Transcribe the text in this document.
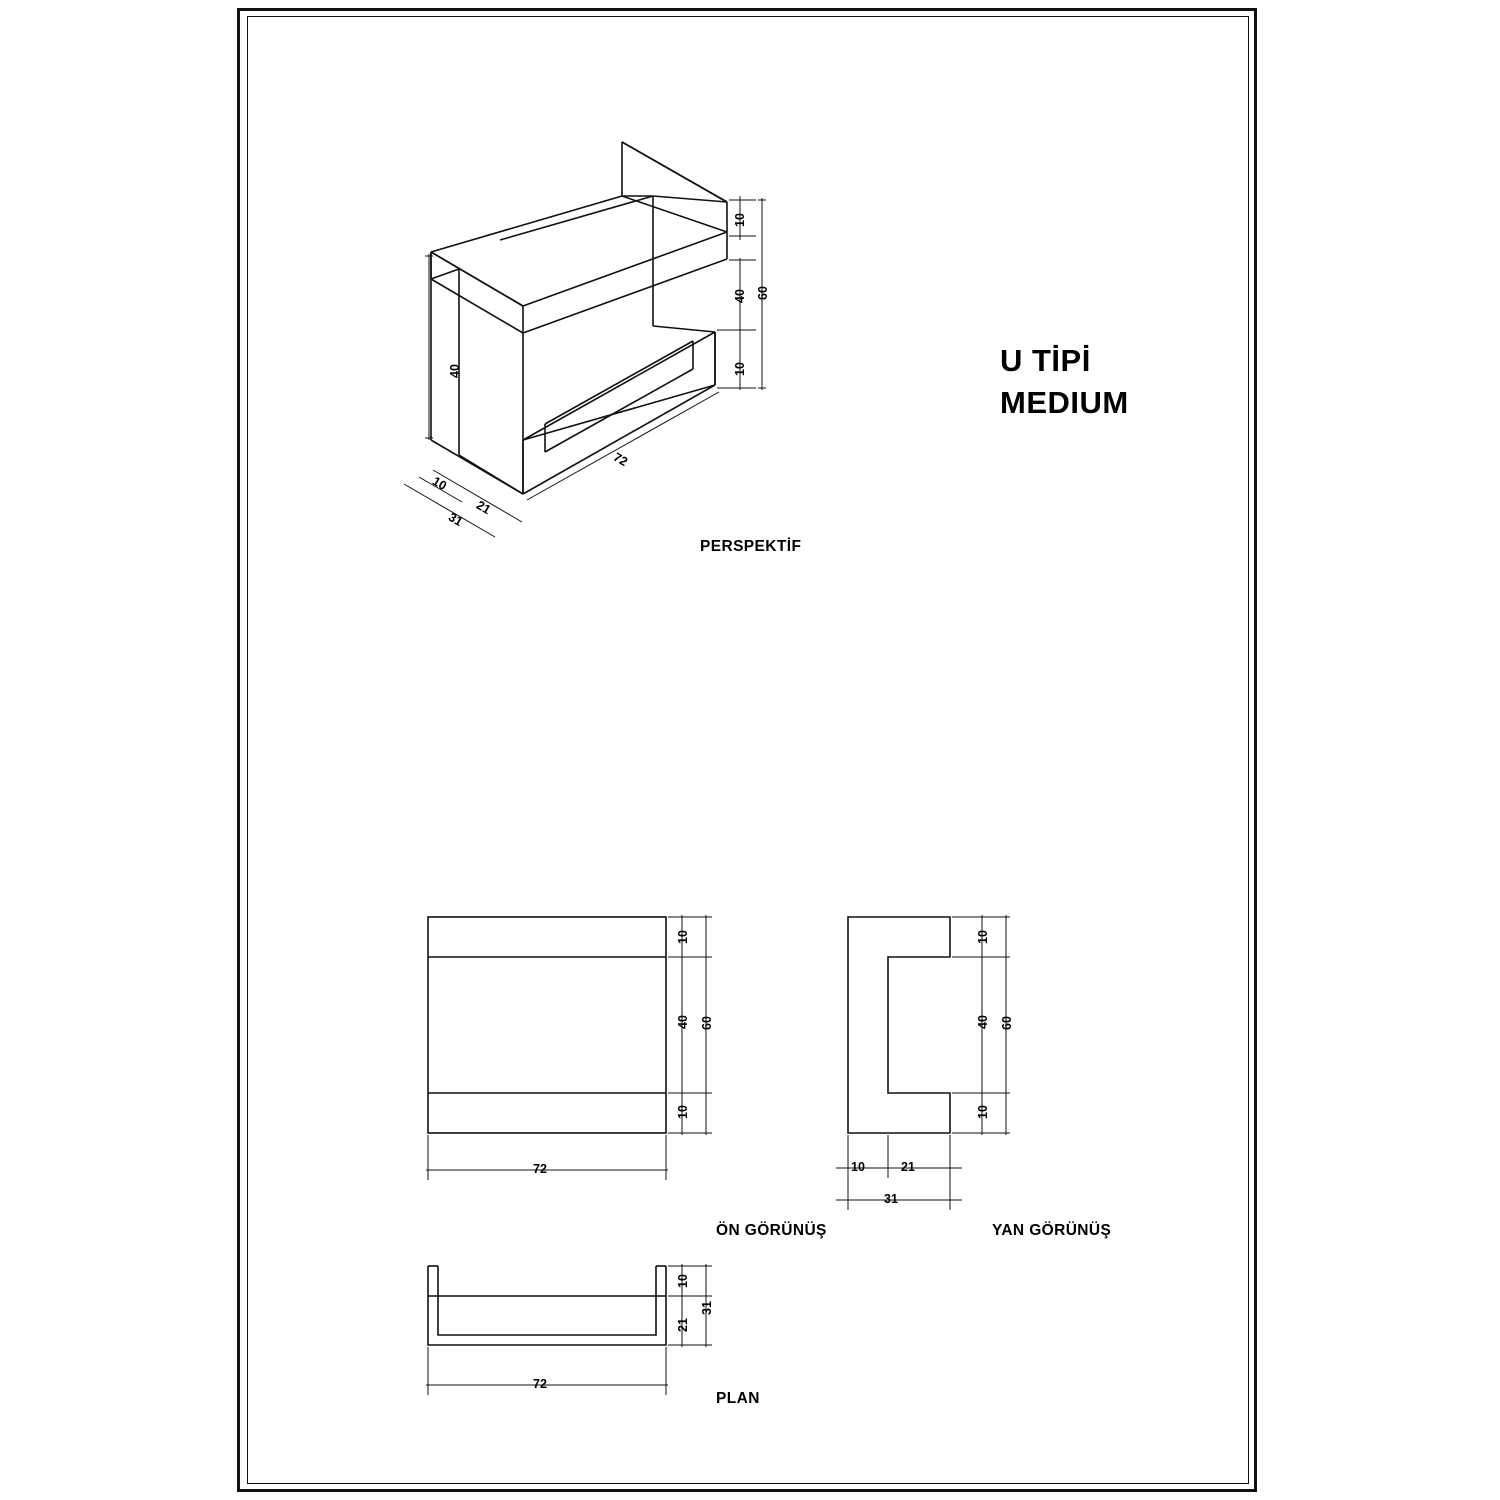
U TİPİ
MEDIUM
PERSPEKTİF
10
40
10
60
40
72
10
21
31
10
40
10
60
72
ÖN GÖRÜNÜŞ
10
40
10
60
10	21
31
YAN GÖRÜNÜŞ
10
21
31
72
PLAN
